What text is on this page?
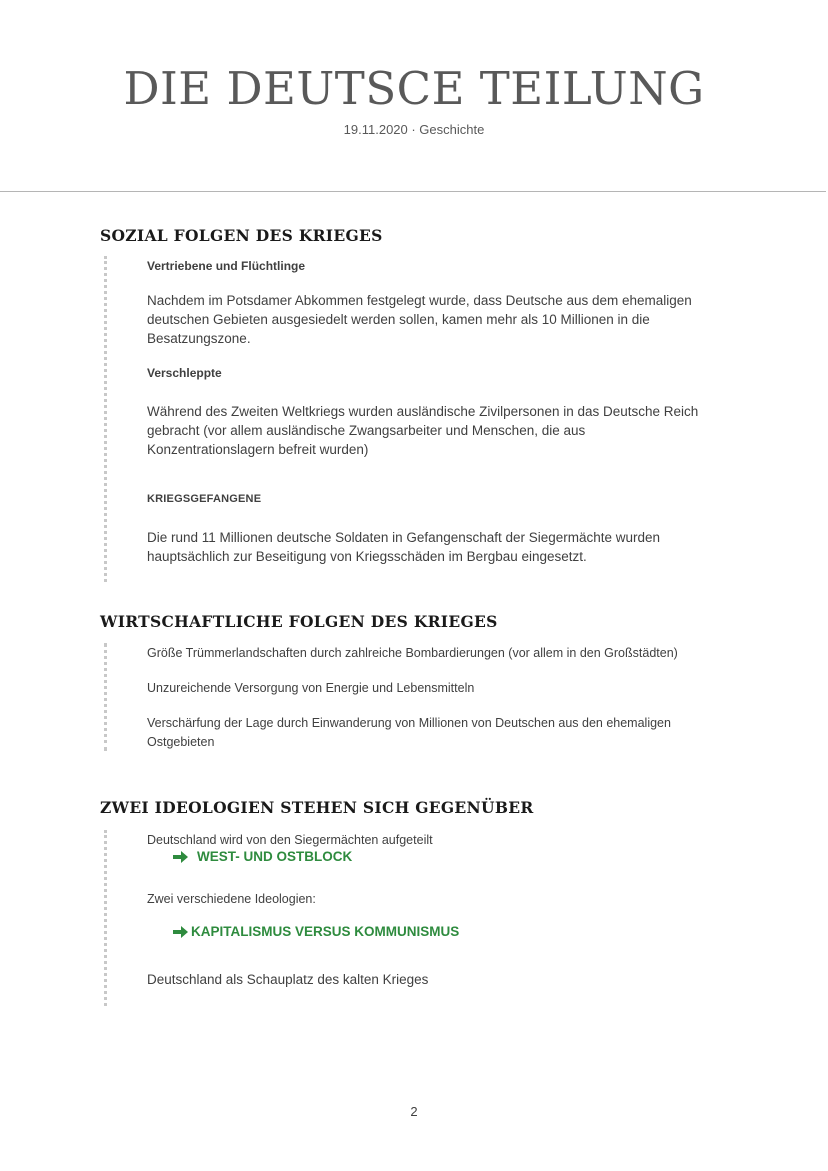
DIE DEUTSCE TEILUNG
19.11.2020 · Geschichte
SOZIAL FOLGEN DES KRIEGES

Vertriebene und Flüchtlinge

Nachdem im Potsdamer Abkommen festgelegt wurde, dass Deutsche aus dem ehemaligen

deutschen Gebieten ausgesiedelt werden sollen, kamen mehr als 10 Millionen in die

Besatzungszone.

Verschleppte

Während des Zweiten Weltkriegs wurden ausländische Zivilpersonen in das Deutsche Reich

gebracht (vor allem ausländische Zwangsarbeiter und Menschen, die aus

Konzentrationslagern befreit wurden)

KRIEGSGEFANGENE

Die rund 11 Millionen deutsche Soldaten in Gefangenschaft der Siegermächte wurden

hauptsächlich zur Beseitigung von Kriegsschäden im Bergbau eingesetzt.

WIRTSCHAFTLICHE FOLGEN DES KRIEGES

Größe Trümmerlandschaften durch zahlreiche Bombardierungen (vor allem in den Großstädten)

Unzureichende Versorgung von Energie und Lebensmitteln

Verschärfung der Lage durch Einwanderung von Millionen von Deutschen aus den ehemaligen

Ostgebieten

ZWEI IDEOLOGIEN STEHEN SICH GEGENÜBER

Deutschland wird von den Siegermächten aufgeteilt

WEST- UND OSTBLOCK

Zwei verschiedene Ideologien:

KAPITALISMUS VERSUS KOMMUNISMUS

Deutschland als Schauplatz des kalten Krieges

2
